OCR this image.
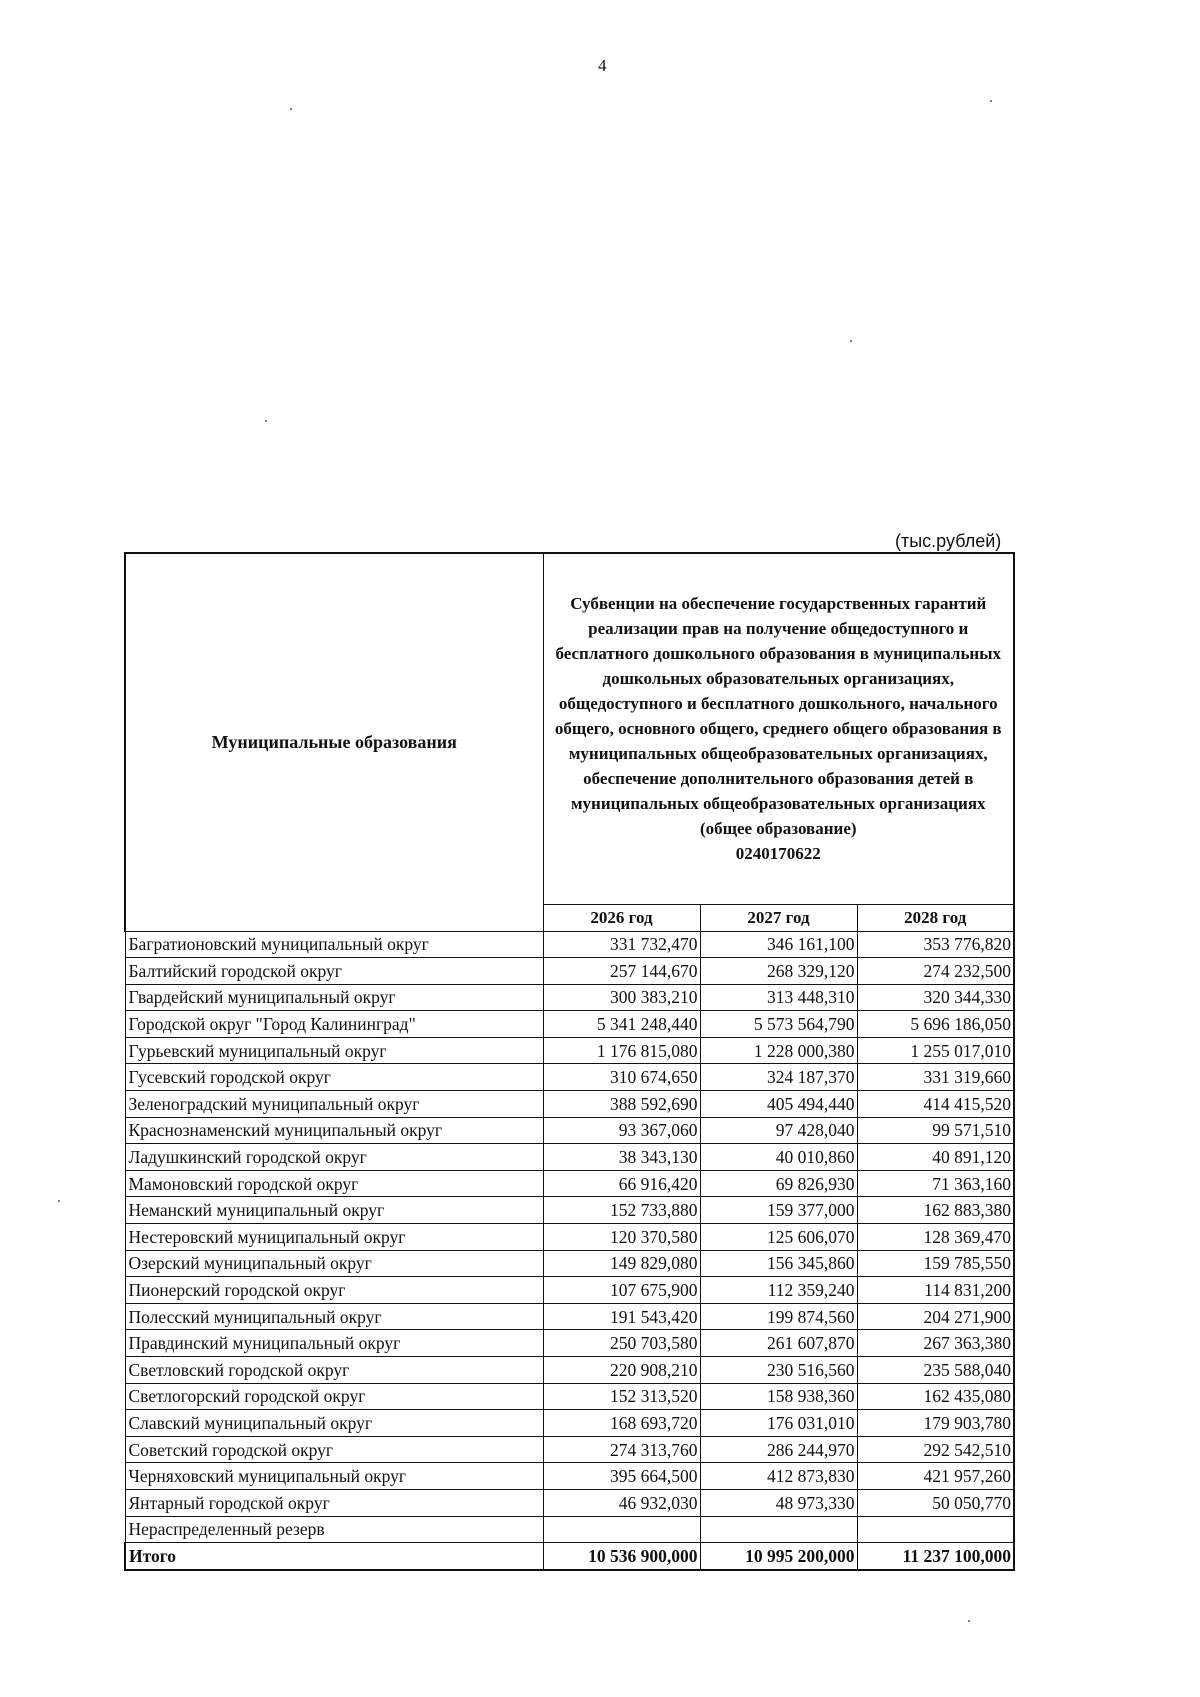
4
(тыс.рублей)
Муниципальные образования	Субвенции на обеспечение государственных гарантий реализации прав на получение общедоступного и бесплатного дошкольного образования в муниципальных дошкольных образовательных организациях, общедоступного и бесплатного дошкольного, начального общего, основного общего, среднего общего образования в муниципальных общеобразовательных организациях, обеспечение дополнительного образования детей в муниципальных общеобразовательных организациях (общее образование)
0240170622		

	2026 год	2027 год	2028 год
Багратионовский муниципальный округ	331 732,470	346 161,100	353 776,820
Балтийский городской округ	257 144,670	268 329,120	274 232,500
Гвардейский муниципальный округ	300 383,210	313 448,310	320 344,330
Городской округ "Город Калининград"	5 341 248,440	5 573 564,790	5 696 186,050
Гурьевский муниципальный округ	1 176 815,080	1 228 000,380	1 255 017,010
Гусевский городской округ	310 674,650	324 187,370	331 319,660
Зеленоградский муниципальный округ	388 592,690	405 494,440	414 415,520
Краснознаменский муниципальный округ	93 367,060	97 428,040	99 571,510
Ладушкинский городской округ	38 343,130	40 010,860	40 891,120
Мамоновский городской округ	66 916,420	69 826,930	71 363,160
Неманский муниципальный округ	152 733,880	159 377,000	162 883,380
Нестеровский муниципальный округ	120 370,580	125 606,070	128 369,470
Озерский муниципальный округ	149 829,080	156 345,860	159 785,550
Пионерский городской округ	107 675,900	112 359,240	114 831,200
Полесский муниципальный округ	191 543,420	199 874,560	204 271,900
Правдинский муниципальный округ	250 703,580	261 607,870	267 363,380
Светловский городской округ	220 908,210	230 516,560	235 588,040
Светлогорский городской округ	152 313,520	158 938,360	162 435,080
Славский муниципальный округ	168 693,720	176 031,010	179 903,780
Советский городской округ	274 313,760	286 244,970	292 542,510
Черняховский муниципальный округ	395 664,500	412 873,830	421 957,260
Янтарный городской округ	46 932,030	48 973,330	50 050,770
Нераспределенный резерв			
Итого	10 536 900,000	10 995 200,000	11 237 100,000
